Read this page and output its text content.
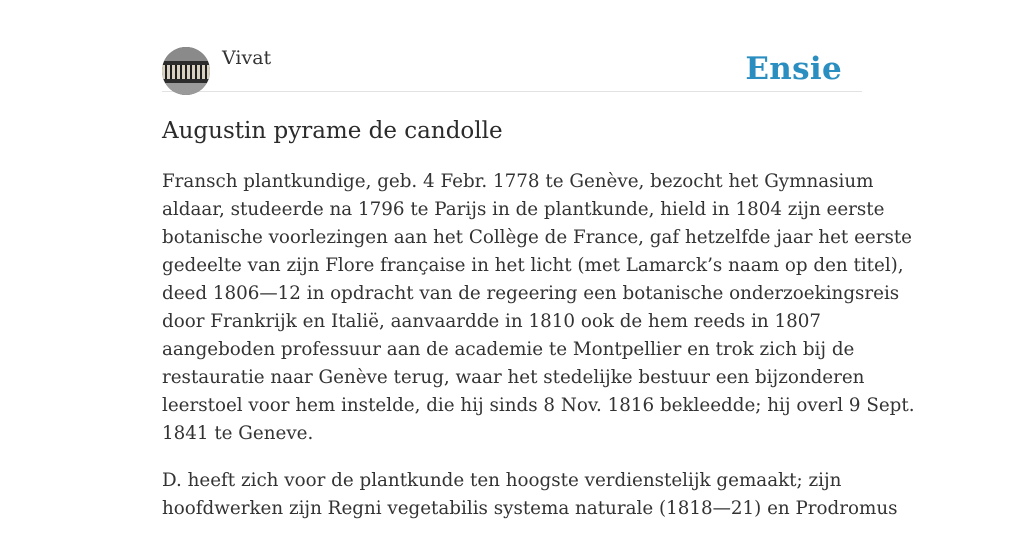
Vivat	Ensie
Augustin pyrame de candolle

Fransch plantkundige, geb. 4 Febr. 1778 te Genève, bezocht het Gymnasium
aldaar, studeerde na 1796 te Parijs in de plantkunde, hield in 1804 zijn eerste
botanische voorlezingen aan het Collège de France, gaf hetzelfde jaar het eerste
gedeelte van zijn Flore française in het licht (met Lamarck’s naam op den titel),
deed 1806—12 in opdracht van de regeering een botanische onderzoekingsreis
door Frankrijk en Italië, aanvaardde in 1810 ook de hem reeds in 1807
aangeboden professuur aan de academie te Montpellier en trok zich bij de
restauratie naar Genève terug, waar het stedelijke bestuur een bijzonderen
leerstoel voor hem instelde, die hij sinds 8 Nov. 1816 bekleedde; hij overl 9 Sept.
1841 te Geneve.

D. heeft zich voor de plantkunde ten hoogste verdienstelijk gemaakt; zijn
hoofdwerken zijn Regni vegetabilis systema naturale (1818—21) en Prodromus
